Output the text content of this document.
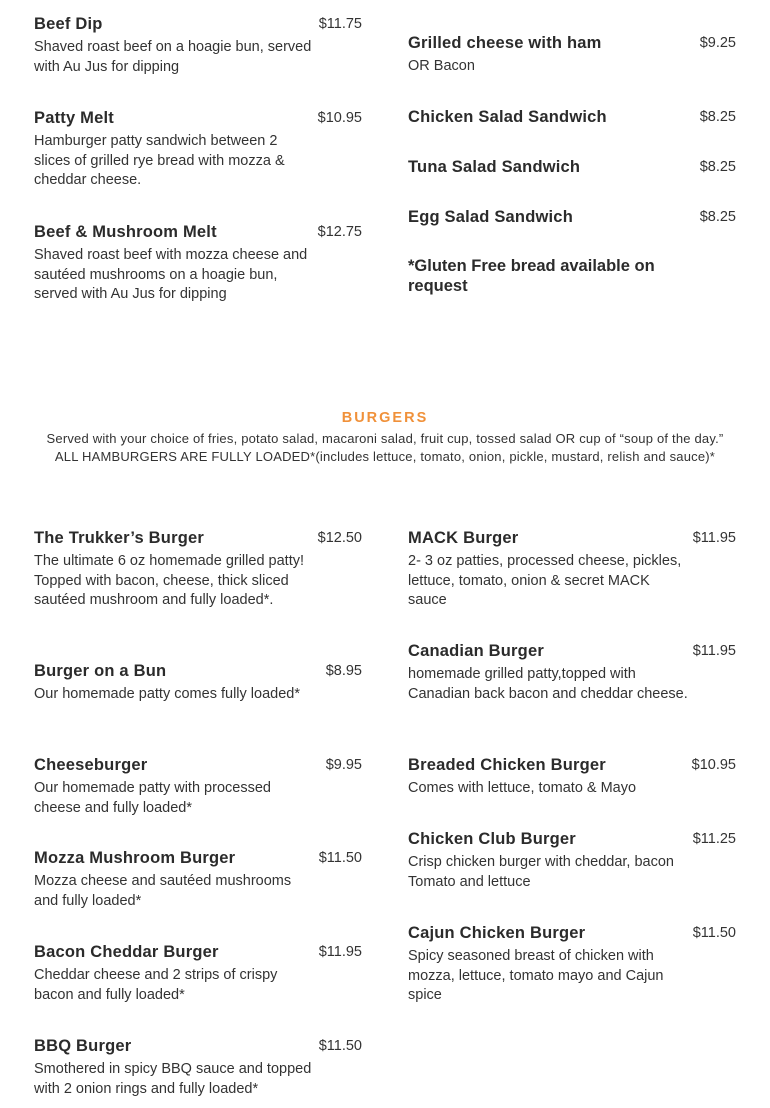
Beef Dip	$11.75
Shaved roast beef on a hoagie bun, served with Au Jus for dipping
Patty Melt	$10.95
Hamburger patty sandwich between 2 slices of grilled rye bread with mozza & cheddar cheese.
Beef & Mushroom Melt	$12.75
Shaved roast beef with mozza cheese and sautéed mushrooms on a hoagie bun, served with Au Jus for dipping
Grilled cheese with ham	$9.25
OR Bacon
Chicken Salad Sandwich	$8.25
Tuna Salad Sandwich	$8.25
Egg Salad Sandwich	$8.25
*Gluten Free bread available on request
BURGERS
Served with your choice of fries, potato salad, macaroni salad, fruit cup, tossed salad OR cup of “soup of the day.” ALL HAMBURGERS ARE FULLY LOADED*(includes lettuce, tomato, onion, pickle, mustard, relish and sauce)*
The Trukker’s Burger	$12.50
The ultimate 6 oz homemade grilled patty! Topped with bacon, cheese, thick sliced sautéed mushroom and fully loaded*.
Burger on a Bun	$8.95
Our homemade patty comes fully loaded*
Cheeseburger	$9.95
Our homemade patty with processed cheese and fully loaded*
Mozza Mushroom Burger	$11.50
Mozza cheese and sautéed mushrooms and fully loaded*
Bacon Cheddar Burger	$11.95
Cheddar cheese and 2 strips of crispy bacon and fully loaded*
BBQ Burger	$11.50
Smothered in spicy BBQ sauce and topped with 2 onion rings and fully loaded*
MACK Burger	$11.95
2- 3 oz patties, processed cheese, pickles, lettuce, tomato, onion & secret MACK sauce
Canadian Burger	$11.95
homemade grilled patty,topped with Canadian back bacon and cheddar cheese.
Breaded Chicken Burger	$10.95
Comes with lettuce, tomato & Mayo
Chicken Club Burger	$11.25
Crisp chicken burger with cheddar, bacon Tomato and lettuce
Cajun Chicken Burger	$11.50
Spicy seasoned breast of chicken with mozza, lettuce, tomato mayo and Cajun spice
